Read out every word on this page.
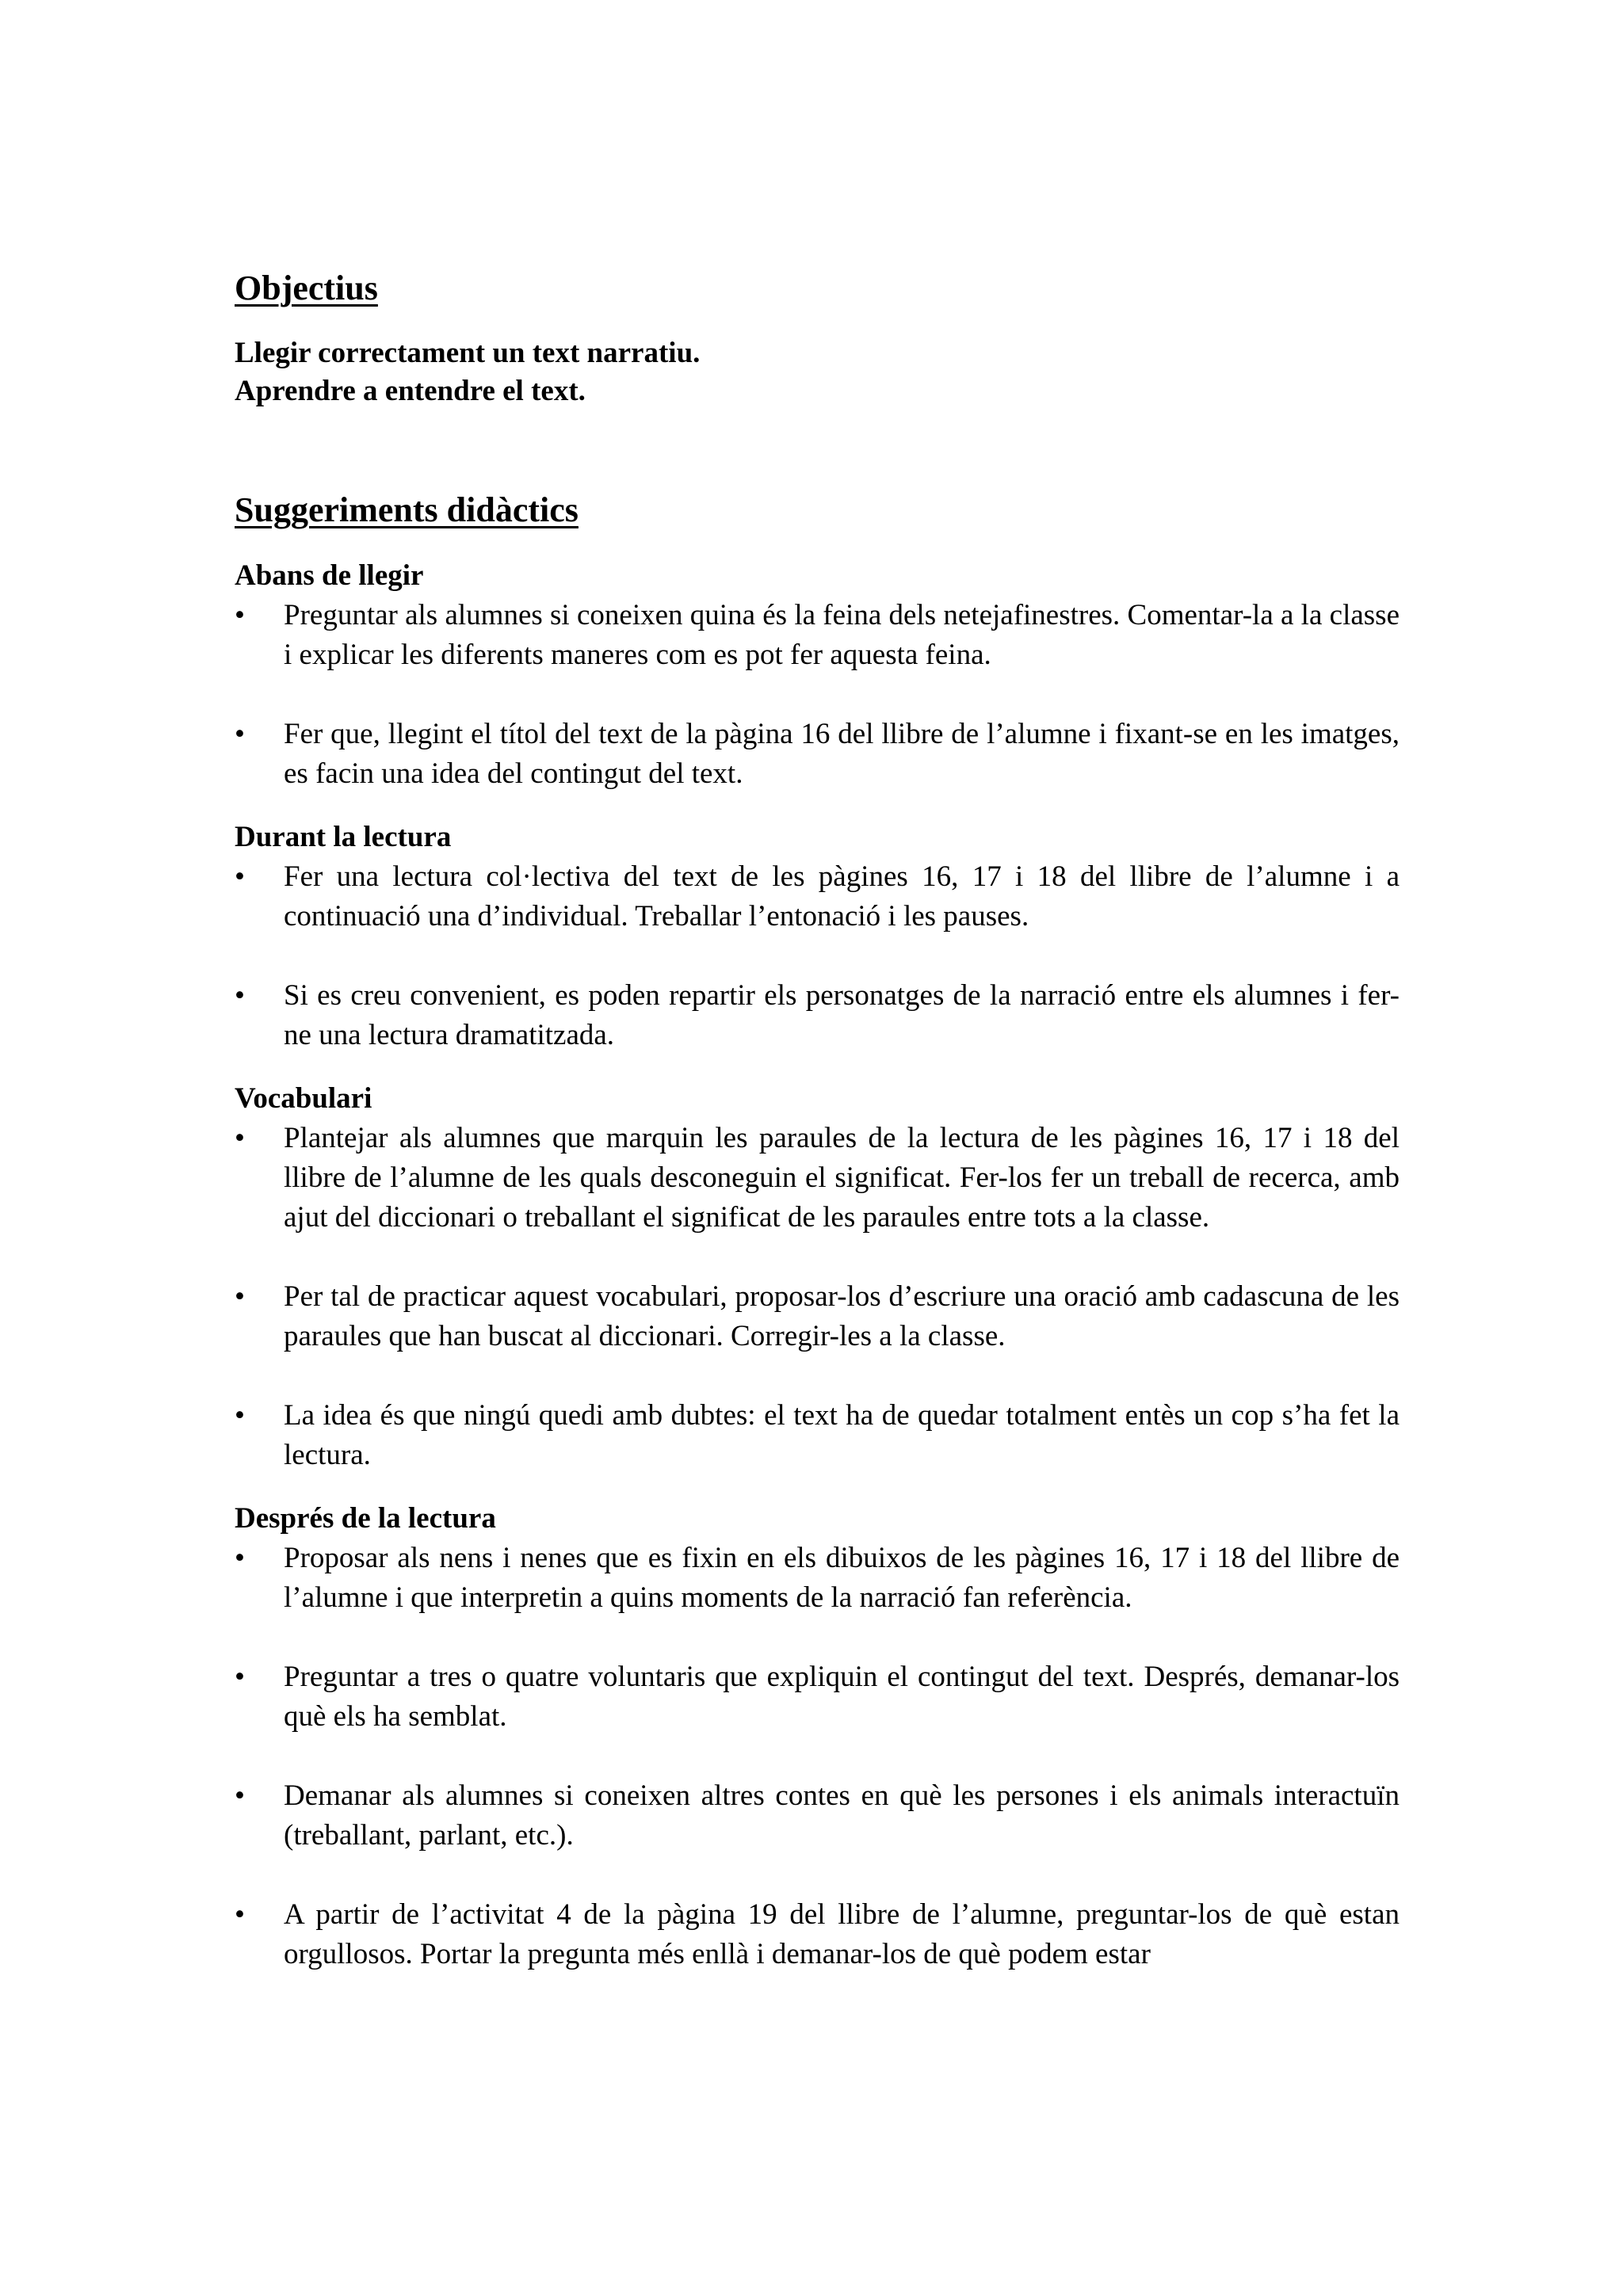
Objectius

Llegir correctament un text narratiu.

Aprendre a entendre el text.

Suggeriments didàctics

Abans de llegir

•	Preguntar als alumnes si coneixen quina és la feina dels netejafinestres. Comentar-la a la classe i explicar les diferents maneres com es pot fer aquesta feina.
•	Fer que, llegint el títol del text de la pàgina 16 del llibre de l’alumne i fixant-se en les imatges, es facin una idea del contingut del text.

Durant la lectura

•	Fer una lectura col·lectiva del text de les pàgines 16, 17 i 18 del llibre de l’alumne i a continuació una d’individual. Treballar l’entonació i les pauses.
•	Si es creu convenient, es poden repartir els personatges de la narració entre els alumnes i fer-ne una lectura dramatitzada.

Vocabulari

•	Plantejar als alumnes que marquin les paraules de la lectura de les pàgines 16, 17 i 18 del llibre de l’alumne de les quals desconeguin el significat. Fer-los fer un treball de recerca, amb ajut del diccionari o treballant el significat de les paraules entre tots a la classe.
•	Per tal de practicar aquest vocabulari, proposar-los d’escriure una oració amb cadascuna de les paraules que han buscat al diccionari. Corregir-les a la classe.
•	La idea és que ningú quedi amb dubtes: el text ha de quedar totalment entès un cop s’ha fet la lectura.

Després de la lectura

•	Proposar als nens i nenes que es fixin en els dibuixos de les pàgines 16, 17 i 18 del llibre de l’alumne i que interpretin a quins moments de la narració fan referència.
•	Preguntar a tres o quatre voluntaris que expliquin el contingut del text. Després, demanar-los què els ha semblat.
•	Demanar als alumnes si coneixen altres contes en què les persones i els animals interactuïn (treballant, parlant, etc.).
•	A partir de l’activitat 4 de la pàgina 19 del llibre de l’alumne, preguntar-los de què estan orgullosos. Portar la pregunta més enllà i demanar-los de què podem estar
